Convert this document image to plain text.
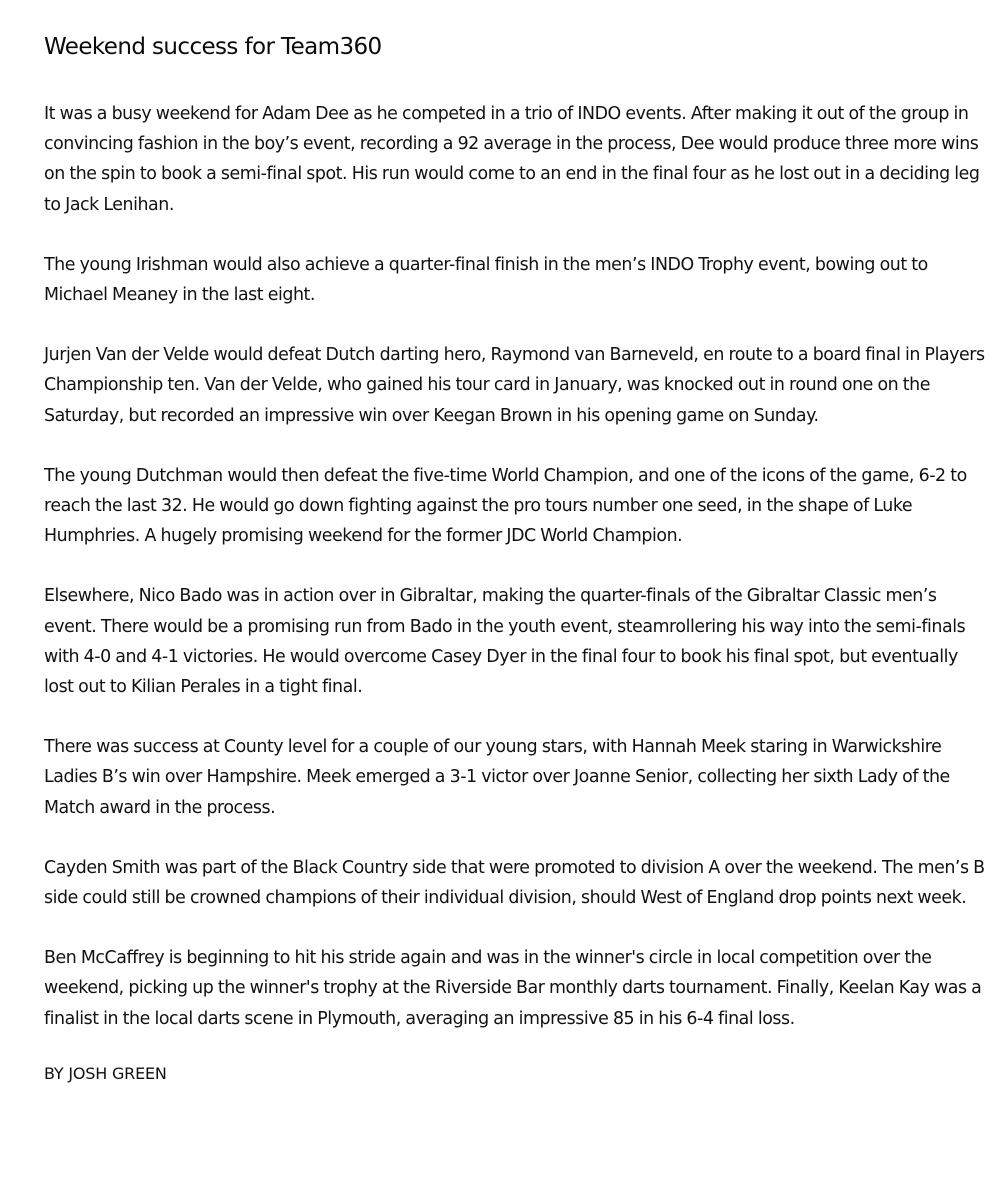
Weekend success for Team360

It was a busy weekend for Adam Dee as he competed in a trio of INDO events. After making it out of the group in convincing fashion in the boy’s event, recording a 92 average in the process, Dee would produce three more wins on the spin to book a semi-final spot. His run would come to an end in the final four as he lost out in a deciding leg to Jack Lenihan.

The young Irishman would also achieve a quarter-final finish in the men’s INDO Trophy event, bowing out to Michael Meaney in the last eight.

Jurjen Van der Velde would defeat Dutch darting hero, Raymond van Barneveld, en route to a board final in Players Championship ten. Van der Velde, who gained his tour card in January, was knocked out in round one on the Saturday, but recorded an impressive win over Keegan Brown in his opening game on Sunday.

The young Dutchman would then defeat the five-time World Champion, and one of the icons of the game, 6-2 to reach the last 32. He would go down fighting against the pro tours number one seed, in the shape of Luke Humphries. A hugely promising weekend for the former JDC World Champion.

Elsewhere, Nico Bado was in action over in Gibraltar, making the quarter-finals of the Gibraltar Classic men’s event. There would be a promising run from Bado in the youth event, steamrollering his way into the semi-finals with 4-0 and 4-1 victories. He would overcome Casey Dyer in the final four to book his final spot, but eventually lost out to Kilian Perales in a tight final.

There was success at County level for a couple of our young stars, with Hannah Meek staring in Warwickshire Ladies B’s win over Hampshire. Meek emerged a 3-1 victor over Joanne Senior, collecting her sixth Lady of the Match award in the process.

Cayden Smith was part of the Black Country side that were promoted to division A over the weekend. The men’s B side could still be crowned champions of their individual division, should West of England drop points next week.

Ben McCaffrey is beginning to hit his stride again and was in the winner's circle in local competition over the weekend, picking up the winner's trophy at the Riverside Bar monthly darts tournament. Finally, Keelan Kay was a finalist in the local darts scene in Plymouth, averaging an impressive 85 in his 6-4 final loss.

BY JOSH GREEN
